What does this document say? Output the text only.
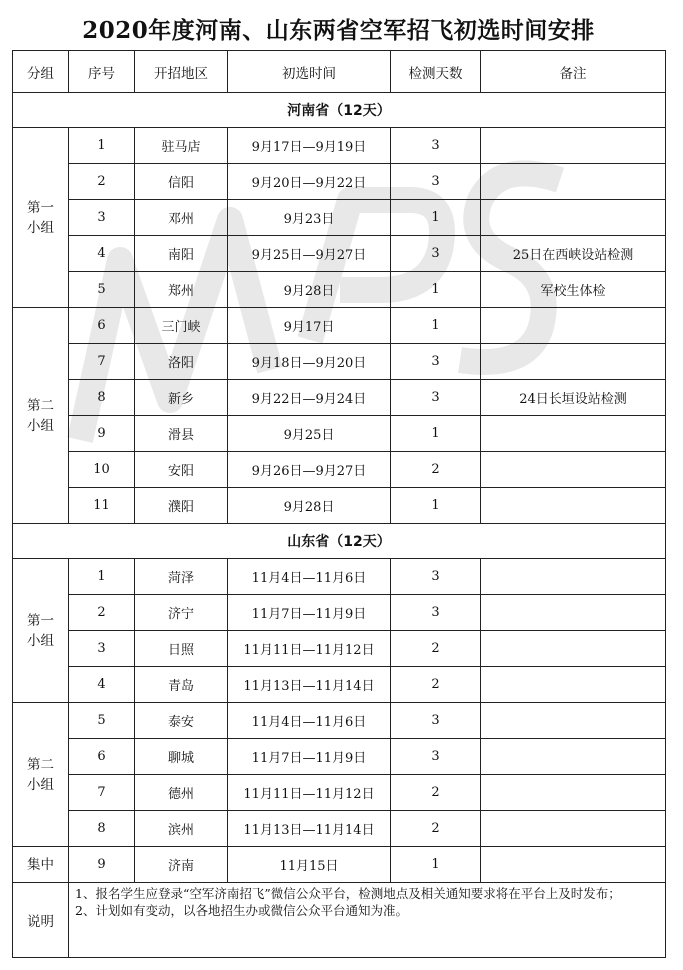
2020年度河南、山东两省空军招飞初选时间安排
分组	序号	开招地区	初选时间	检测天数	备注
河南省（12天）					
第一
小组	1	驻马店	9月17日—9月19日	3	
	2	信阳	9月20日—9月22日	3	
	3	邓州	9月23日	1	
	4	南阳	9月25日—9月27日	3	25日在西峡设站检测
	5	郑州	9月28日	1	军校生体检
第二
小组	6	三门峡	9月17日	1	
	7	洛阳	9月18日—9月20日	3	
	8	新乡	9月22日—9月24日	3	24日长垣设站检测
	9	滑县	9月25日	1	
	10	安阳	9月26日—9月27日	2	
	11	濮阳	9月28日	1	
山东省（12天）					
第一
小组	1	菏泽	11月4日—11月6日	3	
	2	济宁	11月7日—11月9日	3	
	3	日照	11月11日—11月12日	2	
	4	青岛	11月13日—11月14日	2	
第二
小组	5	泰安	11月4日—11月6日	3	
	6	聊城	11月7日—11月9日	3	
	7	德州	11月11日—11月12日	2	
	8	滨州	11月13日—11月14日	2	
集中	9	济南	11月15日	1	
说明	1、报名学生应登录“空军济南招飞”微信公众平台，检测地点及相关通知要求将在平台上及时发布；
2、计划如有变动，以各地招生办或微信公众平台通知为准。				
